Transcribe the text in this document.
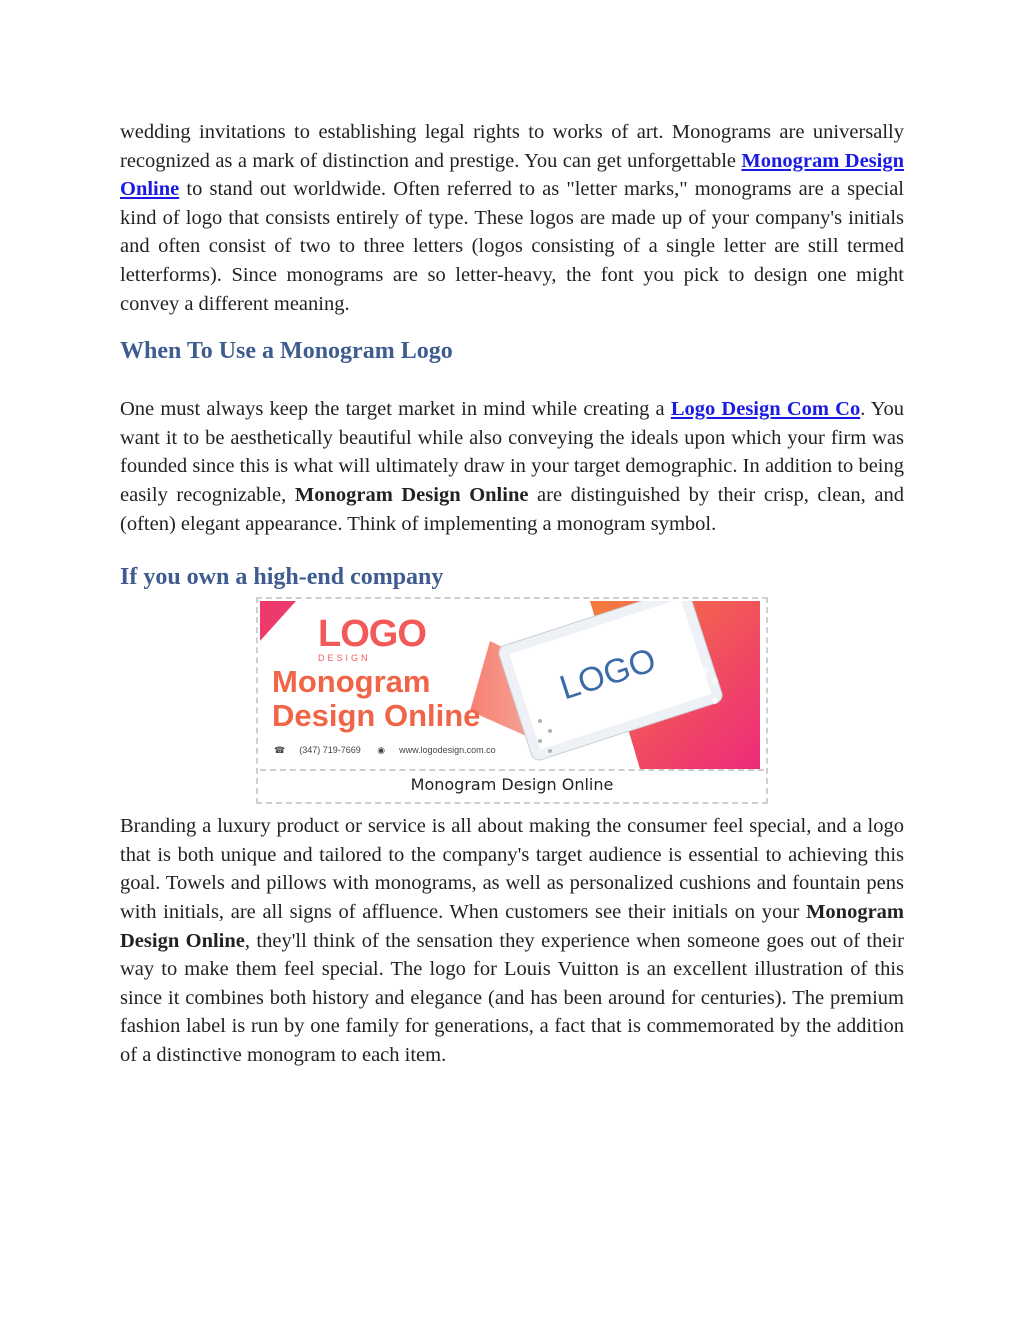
wedding invitations to establishing legal rights to works of art. Monograms are universally recognized as a mark of distinction and prestige. You can get unforgettable Monogram Design Online to stand out worldwide. Often referred to as "letter marks," monograms are a special kind of logo that consists entirely of type. These logos are made up of your company's initials and often consist of two to three letters (logos consisting of a single letter are still termed letterforms). Since monograms are so letter-heavy, the font you pick to design one might convey a different meaning.

When To Use a Monogram Logo

One must always keep the target market in mind while creating a Logo Design Com Co. You want it to be aesthetically beautiful while also conveying the ideals upon which your firm was founded since this is what will ultimately draw in your target demographic. In addition to being easily recognizable, Monogram Design Online are distinguished by their crisp, clean, and (often) elegant appearance. Think of implementing a monogram symbol.

If you own a high-end company
LOGO
LOGO
DESIGN
Monogram
Design Online
☎ (347) 719-7669 ◉ www.logodesign.com.co
Monogram Design Online

Branding a luxury product or service is all about making the consumer feel special, and a logo that is both unique and tailored to the company's target audience is essential to achieving this goal. Towels and pillows with monograms, as well as personalized cushions and fountain pens with initials, are all signs of affluence. When customers see their initials on your Monogram Design Online, they'll think of the sensation they experience when someone goes out of their way to make them feel special. The logo for Louis Vuitton is an excellent illustration of this since it combines both history and elegance (and has been around for centuries). The premium fashion label is run by one family for generations, a fact that is commemorated by the addition of a distinctive monogram to each item.
